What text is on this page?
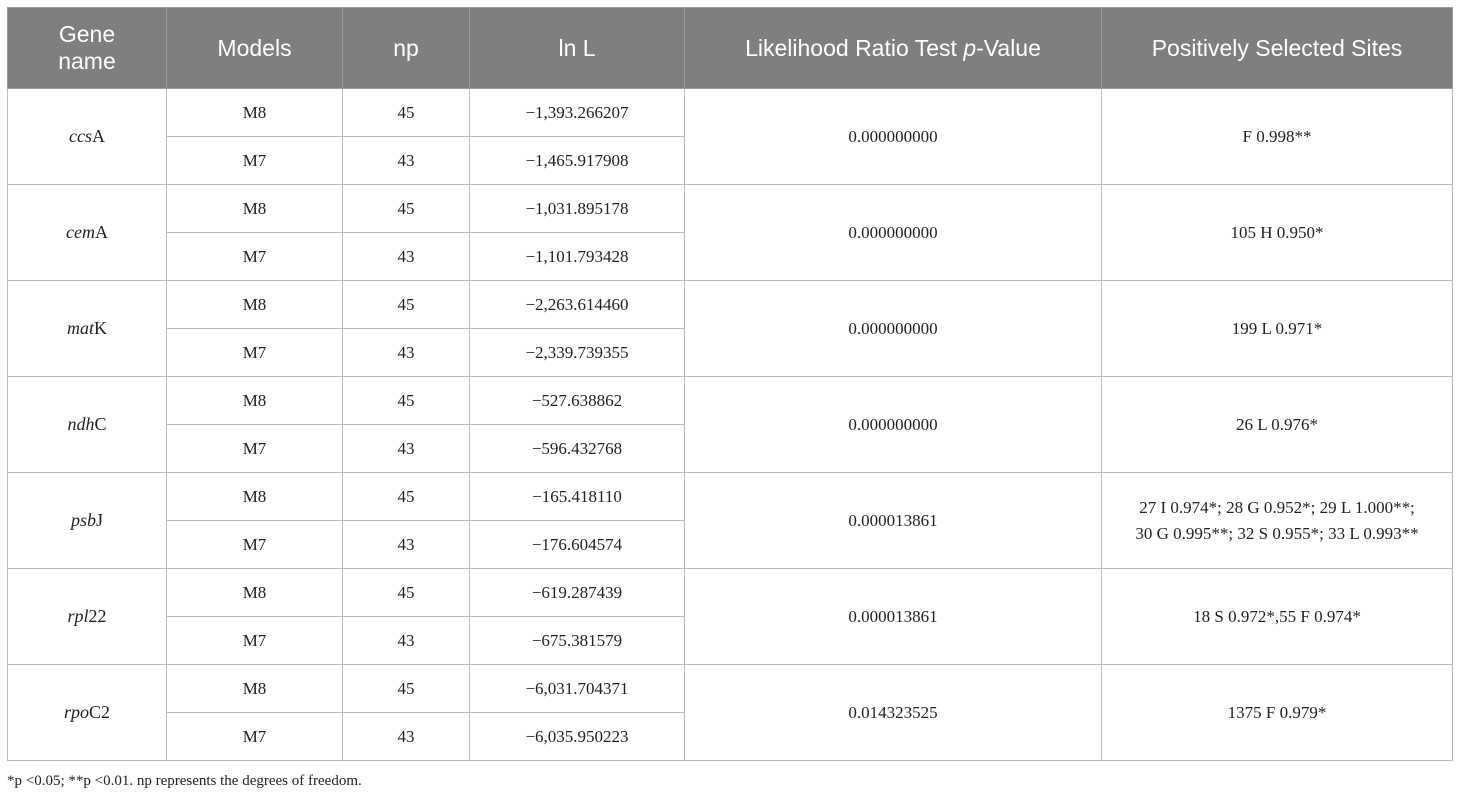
Gene name	Models	np	ln L	Likelihood Ratio Test p-Value	Positively Selected Sites
ccsA	M8	45	−1,393.266207	0.000000000	F 0.998**
	M7	43	−1,465.917908		
cemA	M8	45	−1,031.895178	0.000000000	105 H 0.950*
	M7	43	−1,101.793428		
matK	M8	45	−2,263.614460	0.000000000	199 L 0.971*
	M7	43	−2,339.739355		
ndhC	M8	45	−527.638862	0.000000000	26 L 0.976*
	M7	43	−596.432768		
psbJ	M8	45	−165.418110	0.000013861	27 I 0.974*; 28 G 0.952*; 29 L 1.000**;
30 G 0.995**; 32 S 0.955*; 33 L 0.993**
	M7	43	−176.604574		
rpl22	M8	45	−619.287439	0.000013861	18 S 0.972*,55 F 0.974*
	M7	43	−675.381579		
rpoC2	M8	45	−6,031.704371	0.014323525	1375 F 0.979*
	M7	43	−6,035.950223		
*p <0.05; **p <0.01. np represents the degrees of freedom.
